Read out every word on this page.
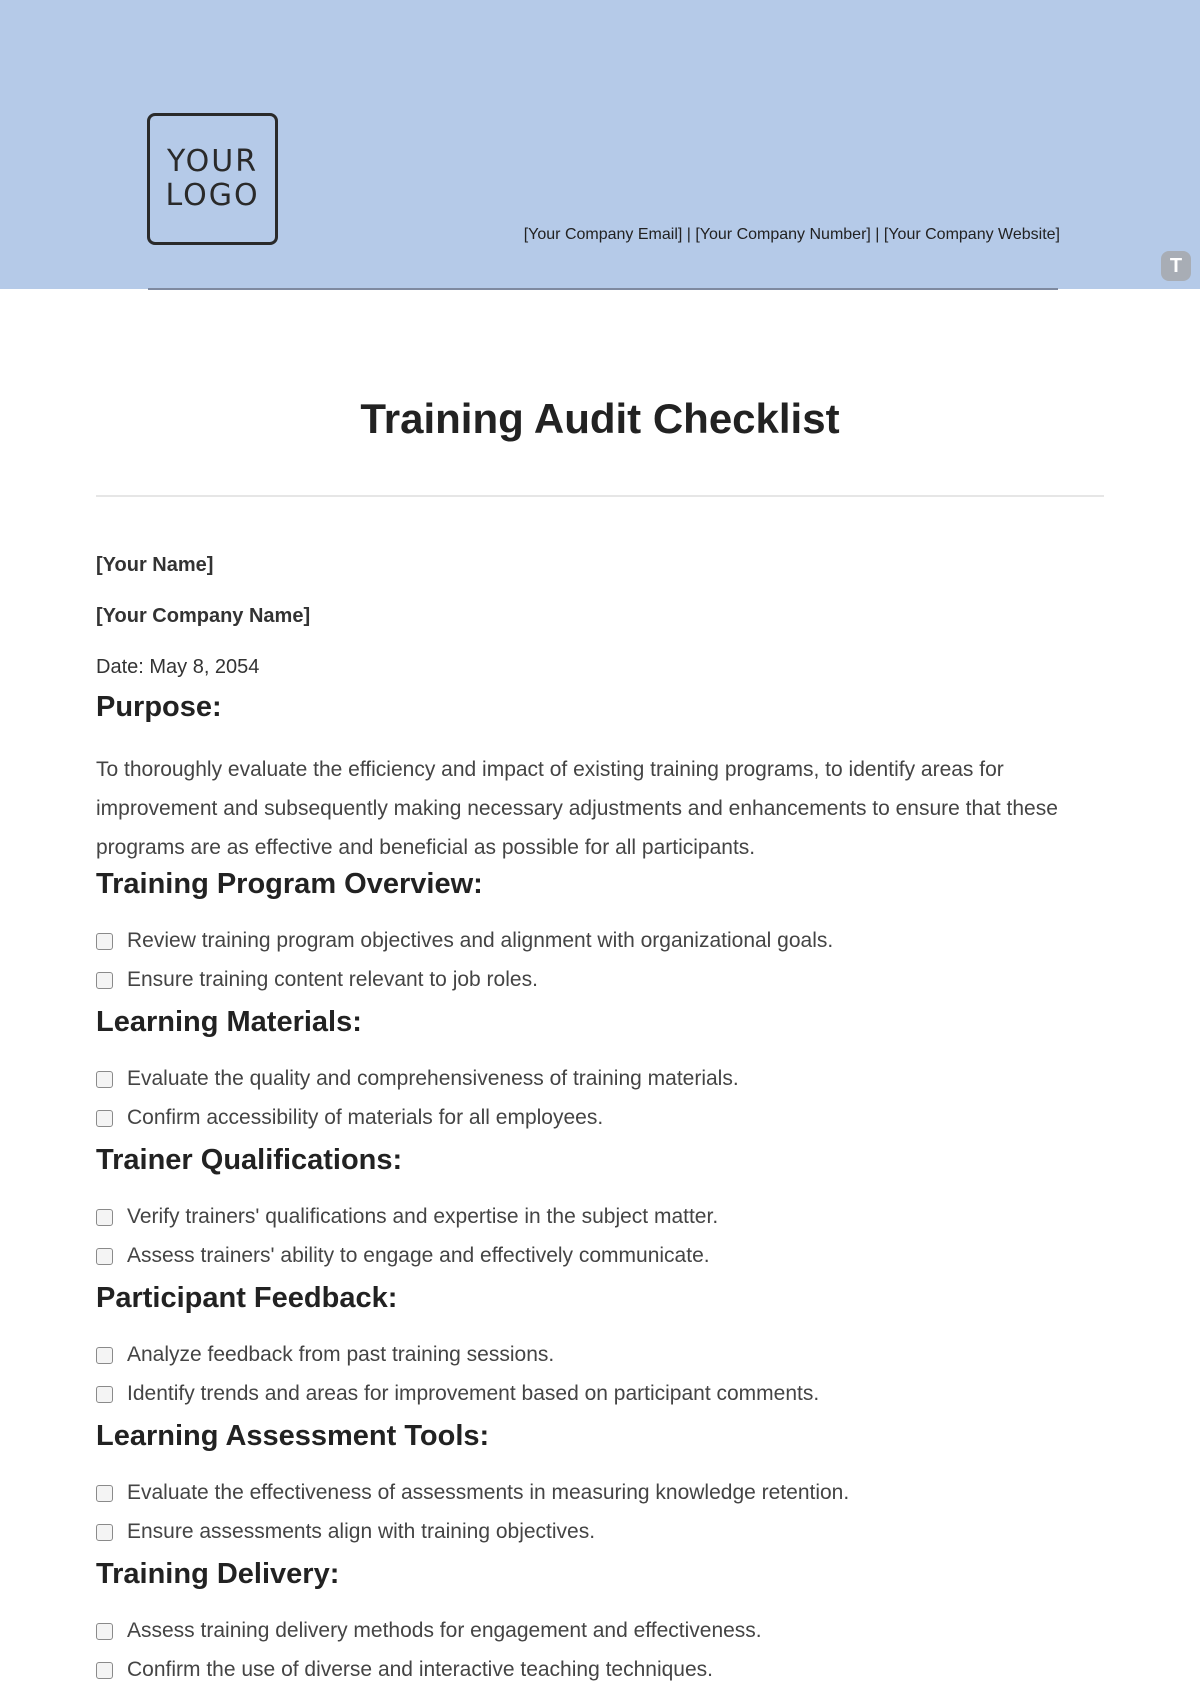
YOUR
LOGO
[Your Company Email] | [Your Company Number] | [Your Company Website]
T
Training Audit Checklist
[Your Name]
[Your Company Name]
Date: May 8, 2054
Purpose:

To thoroughly evaluate the efficiency and impact of existing training programs, to identify areas for improvement and subsequently making necessary adjustments and enhancements to ensure that these programs are as effective and beneficial as possible for all participants.

Training Program Overview:
Review training program objectives and alignment with organizational goals.
Ensure training content relevant to job roles.
Learning Materials:
Evaluate the quality and comprehensiveness of training materials.
Confirm accessibility of materials for all employees.
Trainer Qualifications:
Verify trainers' qualifications and expertise in the subject matter.
Assess trainers' ability to engage and effectively communicate.
Participant Feedback:
Analyze feedback from past training sessions.
Identify trends and areas for improvement based on participant comments.
Learning Assessment Tools:
Evaluate the effectiveness of assessments in measuring knowledge retention.
Ensure assessments align with training objectives.
Training Delivery:
Assess training delivery methods for engagement and effectiveness.
Confirm the use of diverse and interactive teaching techniques.
